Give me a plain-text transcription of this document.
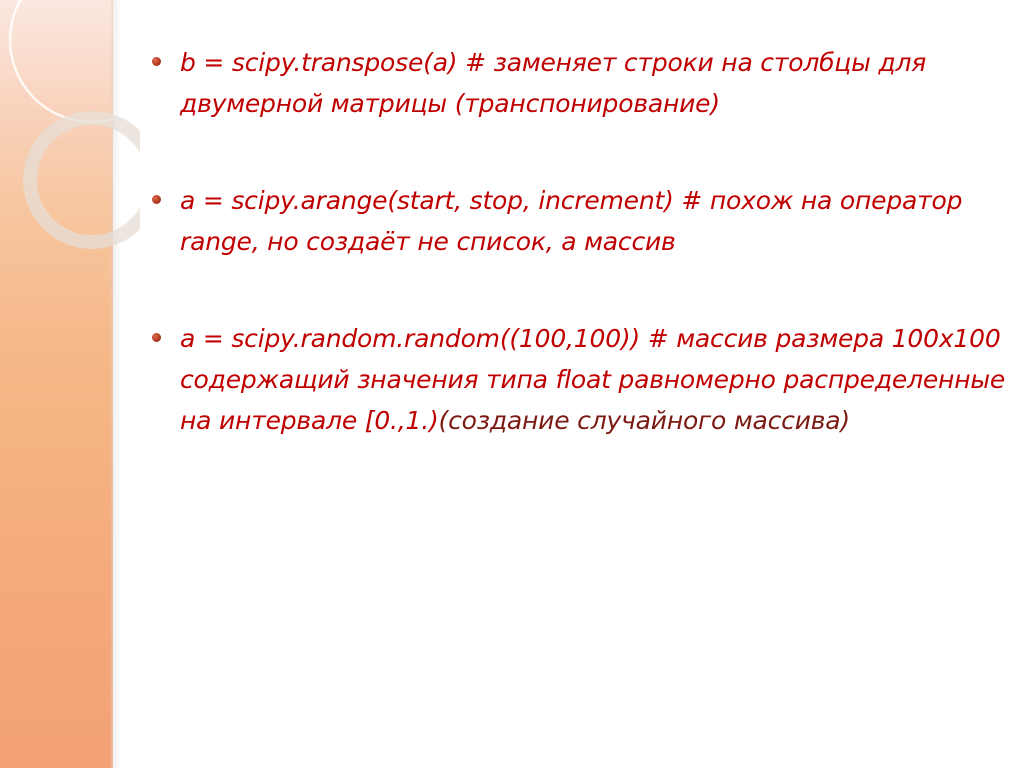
b = scipy.transpose(a) # заменяет строки на столбцы для двумерной матрицы (транспонирование)
a = scipy.arange(start, stop, increment) # похож на оператор range, но создаёт не список, а массив
a = scipy.random.random((100,100)) # массив размера 100x100 содержащий значения типа float равномерно распределенные на интервале [0.,1.)(создание случайного массива)
